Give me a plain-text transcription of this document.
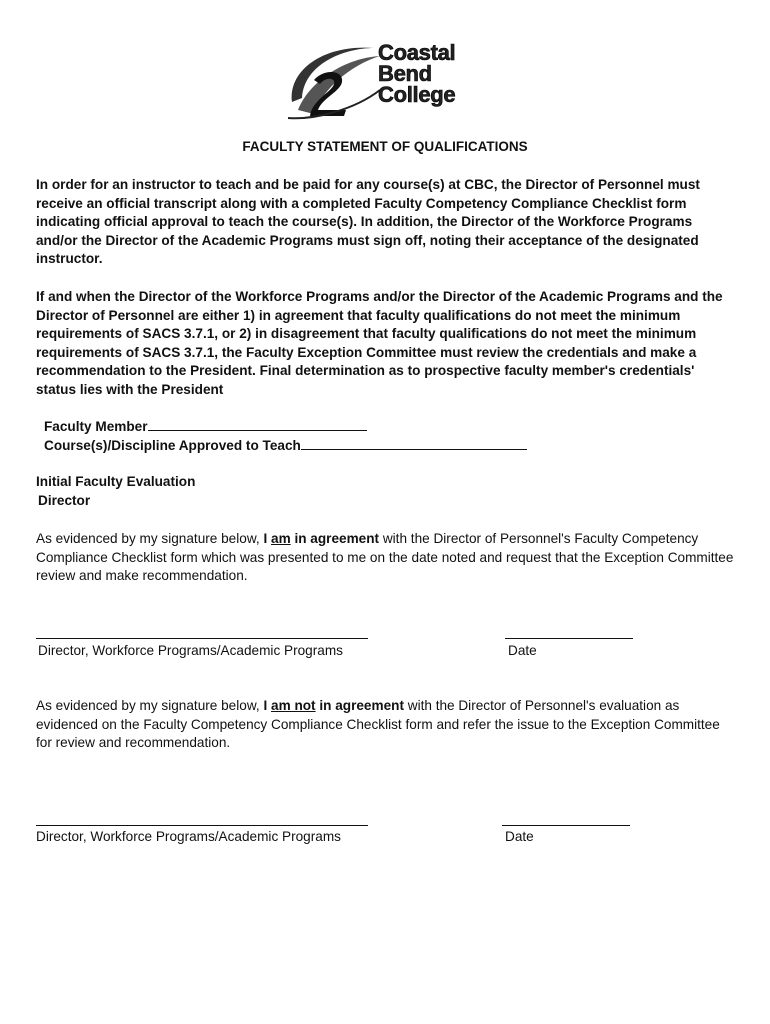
Coastal
Bend
College
FACULTY STATEMENT OF QUALIFICATIONS
In order for an instructor to teach and be paid for any course(s) at CBC, the Director of Personnel must receive an official transcript along with a completed Faculty Competency Compliance Checklist form indicating official approval to teach the course(s). In addition, the Director of the Workforce Programs and/or the Director of the Academic Programs must sign off, noting their acceptance of the designated instructor.
If and when the Director of the Workforce Programs and/or the Director of the Academic Programs and the Director of Personnel are either 1) in agreement that faculty qualifications do not meet the minimum requirements of SACS 3.7.1, or 2) in disagreement that faculty qualifications do not meet the minimum requirements of SACS 3.7.1, the Faculty Exception Committee must review the credentials and make a recommendation to the President. Final determination as to prospective faculty member's credentials' status lies with the President
Faculty Member
Course(s)/Discipline Approved to Teach
Initial Faculty Evaluation
Director
As evidenced by my signature below, I am in agreement with the Director of Personnel's Faculty Competency Compliance Checklist form which was presented to me on the date noted and request that the Exception Committee review and make recommendation.
Director, Workforce Programs/Academic Programs	Date
As evidenced by my signature below, I am not in agreement with the Director of Personnel's evaluation as evidenced on the Faculty Competency Compliance Checklist form and refer the issue to the Exception Committee for review and recommendation.
Director, Workforce Programs/Academic Programs	Date
